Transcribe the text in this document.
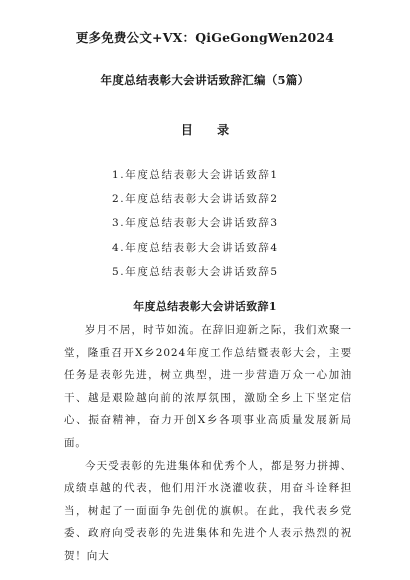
更多免费公文+VX：QiGeGongWen2024
年度总结表彰大会讲话致辞汇编（5篇）
目 录
1.年度总结表彰大会讲话致辞1
2.年度总结表彰大会讲话致辞2
3.年度总结表彰大会讲话致辞3
4.年度总结表彰大会讲话致辞4
5.年度总结表彰大会讲话致辞5
年度总结表彰大会讲话致辞1

岁月不居，时节如流。在辞旧迎新之际，我们欢聚一堂，隆重召开X乡2024年度工作总结暨表彰大会，主要任务是表彰先进，树立典型，进一步营造万众一心加油干、越是艰险越向前的浓厚氛围，激励全乡上下坚定信心、振奋精神，奋力开创X乡各项事业高质量发展新局面。

今天受表彰的先进集体和优秀个人，都是努力拼搏、成绩卓越的代表，他们用汗水浇灌收获，用奋斗诠释担当，树起了一面面争先创优的旗帜。在此，我代表乡党委、政府向受表彰的先进集体和先进个人表示热烈的祝贺！向大
